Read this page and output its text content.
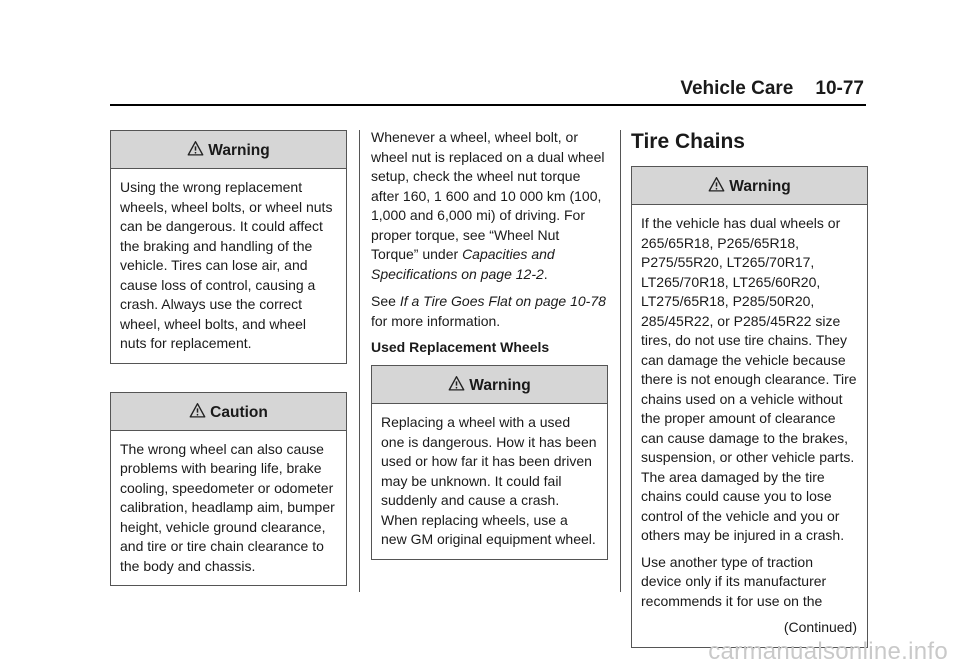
Vehicle Care 10-77
Warning

Using the wrong replacement wheels, wheel bolts, or wheel nuts can be dangerous. It could affect the braking and handling of the vehicle. Tires can lose air, and cause loss of control, causing a crash. Always use the correct wheel, wheel bolts, and wheel nuts for replacement.

Caution

The wrong wheel can also cause problems with bearing life, brake cooling, speedometer or odometer calibration, headlamp aim, bumper height, vehicle ground clearance, and tire or tire chain clearance to the body and chassis.

Whenever a wheel, wheel bolt, or wheel nut is replaced on a dual wheel setup, check the wheel nut torque after 160, 1 600 and 10 000 km (100, 1,000 and 6,000 mi) of driving. For proper torque, see “Wheel Nut Torque” under Capacities and Specifications on page 12-2.

See If a Tire Goes Flat on page 10-78 for more information.

Used Replacement Wheels
Warning

Replacing a wheel with a used one is dangerous. How it has been used or how far it has been driven may be unknown. It could fail suddenly and cause a crash. When replacing wheels, use a new GM original equipment wheel.

Tire Chains
Warning

If the vehicle has dual wheels or 265/65R18, P265/65R18, P275/55R20, LT265/70R17, LT265/70R18, LT265/60R20, LT275/65R18, P285/50R20, 285/45R22, or P285/45R22 size tires, do not use tire chains. They can damage the vehicle because there is not enough clearance. Tire chains used on a vehicle without the proper amount of clearance can cause damage to the brakes, suspension, or other vehicle parts. The area damaged by the tire chains could cause you to lose control of the vehicle and you or others may be injured in a crash.

Use another type of traction device only if its manufacturer recommends it for use on the

(Continued)
carmanualsonline.info
